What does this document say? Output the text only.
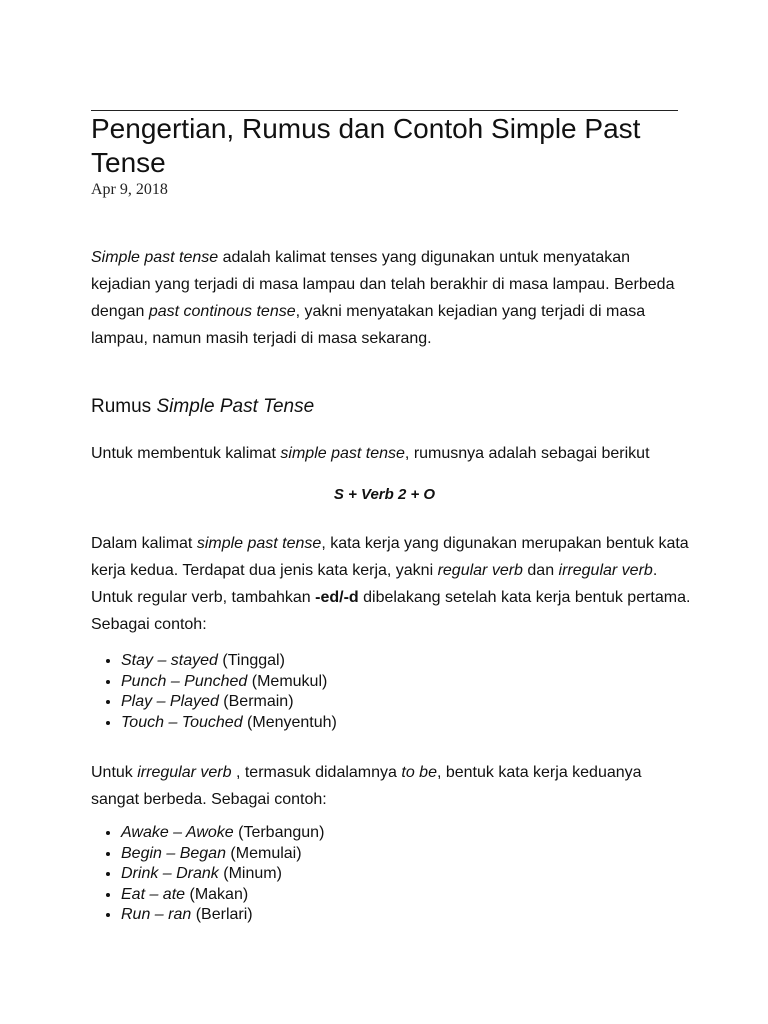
Pengertian, Rumus dan Contoh Simple Past Tense
Apr 9, 2018

Simple past tense adalah kalimat tenses yang digunakan untuk menyatakan kejadian yang terjadi di masa lampau dan telah berakhir di masa lampau. Berbeda dengan past continous tense, yakni menyatakan kejadian yang terjadi di masa lampau, namun masih terjadi di masa sekarang.

Rumus Simple Past Tense

Untuk membentuk kalimat simple past tense, rumusnya adalah sebagai berikut

S + Verb 2 + O

Dalam kalimat simple past tense, kata kerja yang digunakan merupakan bentuk kata kerja kedua. Terdapat dua jenis kata kerja, yakni regular verb dan irregular verb. Untuk regular verb, tambahkan -ed/-d dibelakang setelah kata kerja bentuk pertama. Sebagai contoh:

• Stay – stayed (Tinggal)
• Punch – Punched (Memukul)
• Play – Played (Bermain)
• Touch – Touched (Menyentuh)

Untuk irregular verb , termasuk didalamnya to be, bentuk kata kerja keduanya sangat berbeda. Sebagai contoh:

• Awake – Awoke (Terbangun)
• Begin – Began (Memulai)
• Drink – Drank (Minum)
• Eat – ate (Makan)
• Run – ran (Berlari)
